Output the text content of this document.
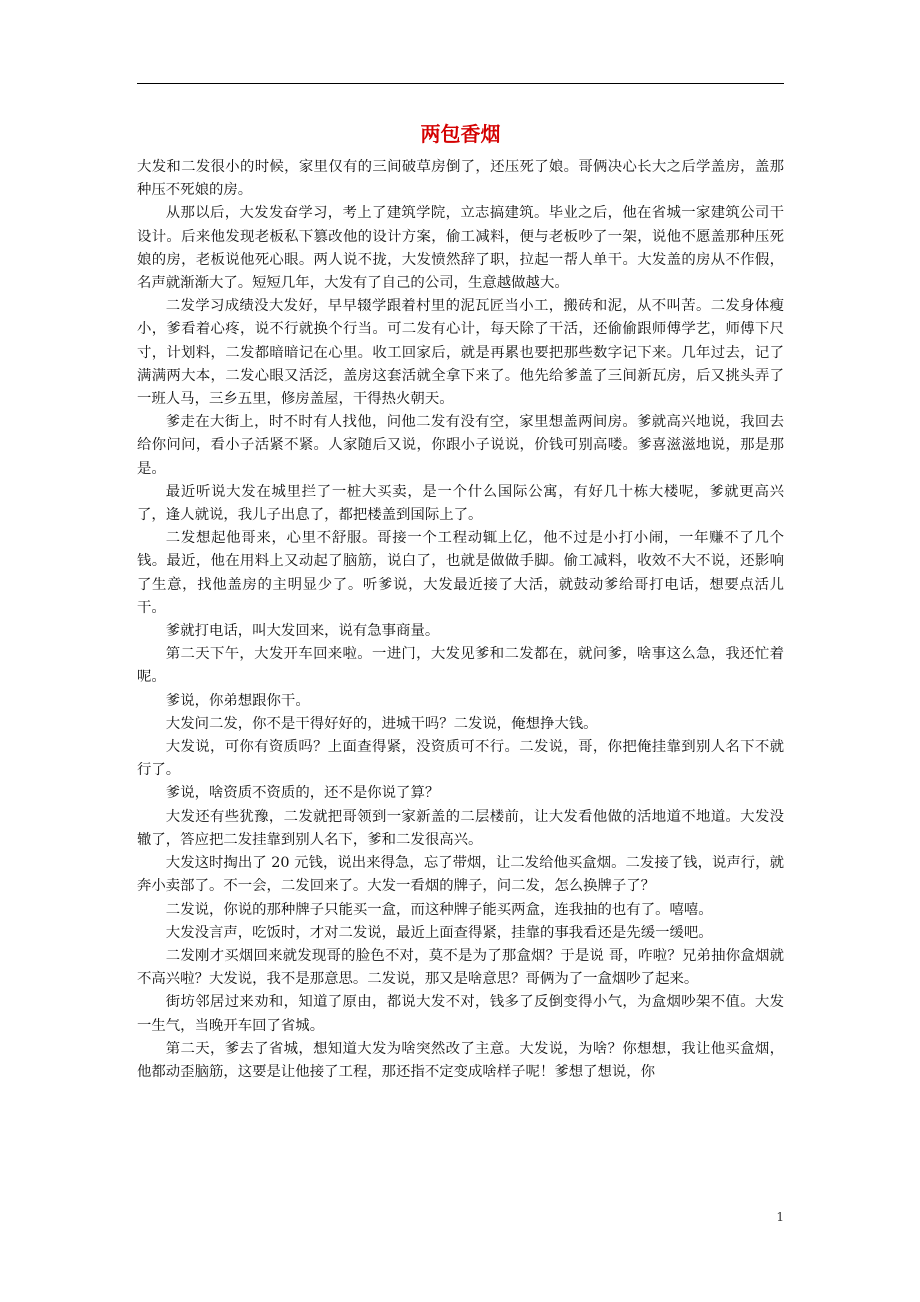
两包香烟

大发和二发很小的时候，家里仅有的三间破草房倒了，还压死了娘。哥俩决心长大之后学盖房，盖那种压不死娘的房。

从那以后，大发发奋学习，考上了建筑学院，立志搞建筑。毕业之后，他在省城一家建筑公司干设计。后来他发现老板私下篡改他的设计方案，偷工减料，便与老板吵了一架，说他不愿盖那种压死娘的房，老板说他死心眼。两人说不拢，大发愤然辞了职，拉起一帮人单干。大发盖的房从不作假，名声就渐渐大了。短短几年，大发有了自己的公司，生意越做越大。

二发学习成绩没大发好，早早辍学跟着村里的泥瓦匠当小工，搬砖和泥，从不叫苦。二发身体瘦小，爹看着心疼，说不行就换个行当。可二发有心计，每天除了干活，还偷偷跟师傅学艺，师傅下尺寸，计划料，二发都暗暗记在心里。收工回家后，就是再累也要把那些数字记下来。几年过去，记了满满两大本，二发心眼又活泛，盖房这套活就全拿下来了。他先给爹盖了三间新瓦房，后又挑头弄了一班人马，三乡五里，修房盖屋，干得热火朝天。

爹走在大街上，时不时有人找他，问他二发有没有空，家里想盖两间房。爹就高兴地说，我回去给你问问，看小子活紧不紧。人家随后又说，你跟小子说说，价钱可别高喽。爹喜滋滋地说，那是那是。

最近听说大发在城里拦了一桩大买卖，是一个什么国际公寓，有好几十栋大楼呢，爹就更高兴了，逢人就说，我儿子出息了，都把楼盖到国际上了。

二发想起他哥来，心里不舒服。哥接一个工程动辄上亿，他不过是小打小闹，一年赚不了几个钱。最近，他在用料上又动起了脑筋，说白了，也就是做做手脚。偷工减料，收效不大不说，还影响了生意，找他盖房的主明显少了。听爹说，大发最近接了大活，就鼓动爹给哥打电话，想要点活儿干。

爹就打电话，叫大发回来，说有急事商量。

第二天下午，大发开车回来啦。一进门，大发见爹和二发都在，就问爹，啥事这么急，我还忙着呢。

爹说，你弟想跟你干。

大发问二发，你不是干得好好的，进城干吗？二发说，俺想挣大钱。

大发说，可你有资质吗？上面查得紧，没资质可不行。二发说，哥，你把俺挂靠到别人名下不就行了。

爹说，啥资质不资质的，还不是你说了算？

大发还有些犹豫，二发就把哥领到一家新盖的二层楼前，让大发看他做的活地道不地道。大发没辙了，答应把二发挂靠到别人名下，爹和二发很高兴。

大发这时掏出了 20 元钱，说出来得急，忘了带烟，让二发给他买盒烟。二发接了钱，说声行，就奔小卖部了。不一会，二发回来了。大发一看烟的牌子，问二发，怎么换牌子了？

二发说，你说的那种牌子只能买一盒，而这种牌子能买两盒，连我抽的也有了。嘻嘻。

大发没言声，吃饭时，才对二发说，最近上面查得紧，挂靠的事我看还是先缓一缓吧。

二发刚才买烟回来就发现哥的脸色不对，莫不是为了那盒烟？于是说 哥，咋啦？兄弟抽你盒烟就不高兴啦？大发说，我不是那意思。二发说，那又是啥意思？哥俩为了一盒烟吵了起来。

街坊邻居过来劝和，知道了原由，都说大发不对，钱多了反倒变得小气，为盒烟吵架不值。大发一生气，当晚开车回了省城。

第二天，爹去了省城，想知道大发为啥突然改了主意。大发说，为啥？你想想，我让他买盒烟，他都动歪脑筋，这要是让他接了工程，那还指不定变成啥样子呢！爹想了想说，你

1
